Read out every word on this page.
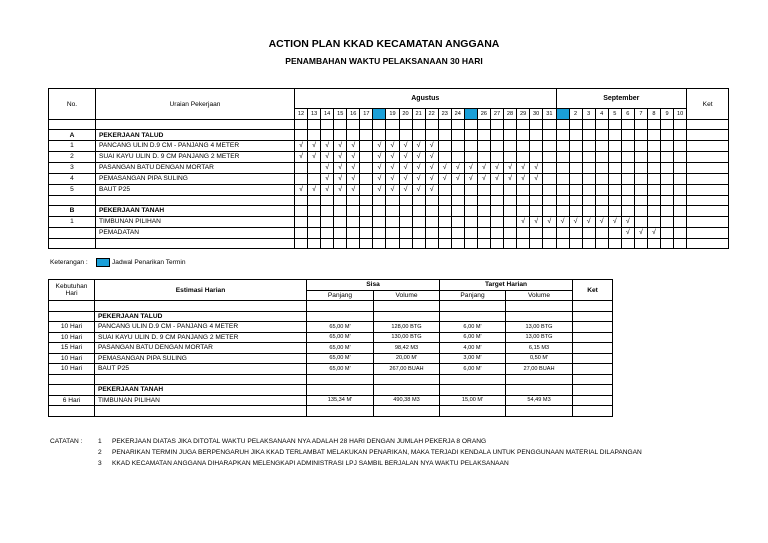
ACTION PLAN KKAD KECAMATAN ANGGANA
PENAMBAHAN WAKTU PELAKSANAAN 30 HARI
No.	Uraian Pekerjaan	Agustus																				September										Ket
		12	13	14	15	16	17	18	19	20	21	22	23	24	25	26	27	28	29	30	31	1	2	3	4	5	6	7	8	9	10	

A	PEKERJAAN TALUD																															
1	PANCANG ULIN D.9 CM - PANJANG 4 METER	√	√	√	√	√		√	√	√	√	√																				
2	SUAI KAYU ULIN D. 9 CM PANJANG 2 METER	√	√	√	√	√		√	√	√	√	√																				
3	PASANGAN BATU DENGAN MORTAR			√	√	√		√	√	√	√	√	√	√	√	√	√	√	√	√												
4	PEMASANGAN PIPA SULING			√	√	√		√	√	√	√	√	√	√	√	√	√	√	√	√												
5	BAUT P25	√	√	√	√	√		√	√	√	√	√																				

B	PEKERJAAN TANAH																															
1	TIMBUNAN PILIHAN																		√	√	√	√	√	√	√	√	√					
	PEMADATAN																										√	√	√			

Keterangan :	Jadwal Penarikan Termin
Kebutuhan
Hari	Estimasi Harian	Sisa		Target Harian		Ket
		Panjang	Volume	Panjang	Volume	

	PEKERJAAN TALUD					
10 Hari	PANCANG ULIN D.9 CM - PANJANG 4 METER	65,00 M'	128,00 BTG	6,00 M'	13,00 BTG	
10 Hari	SUAI KAYU ULIN D. 9 CM PANJANG 2 METER	65,00 M'	130,00 BTG	6,00 M'	13,00 BTG	
15 Hari	PASANGAN BATU DENGAN MORTAR	65,00 M'	98,42 M3	4,00 M'	6,15 M3	
10 Hari	PEMASANGAN PIPA SULING	65,00 M'	20,00 M'	3,00 M'	0,50 M'	
10 Hari	BAUT P25	65,00 M'	267,00 BUAH	6,00 M'	27,00 BUAH	

	PEKERJAAN TANAH					
6 Hari	TIMBUNAN PILIHAN	135,34 M'	490,38 M3	15,00 M'	54,49 M3	

CATATAN : 1 PEKERJAAN DIATAS JIKA DITOTAL WAKTU PELAKSANAAN NYA ADALAH 28 HARI DENGAN JUMLAH PEKERJA 8 ORANG
2 PENARIKAN TERMIN JUGA BERPENGARUH JIKA KKAD TERLAMBAT MELAKUKAN PENARIKAN, MAKA TERJADI KENDALA UNTUK PENGGUNAAN MATERIAL DILAPANGAN
3 KKAD KECAMATAN ANGGANA DIHARAPKAN MELENGKAPI ADMINISTRASI LPJ SAMBIL BERJALAN NYA WAKTU PELAKSANAAN
